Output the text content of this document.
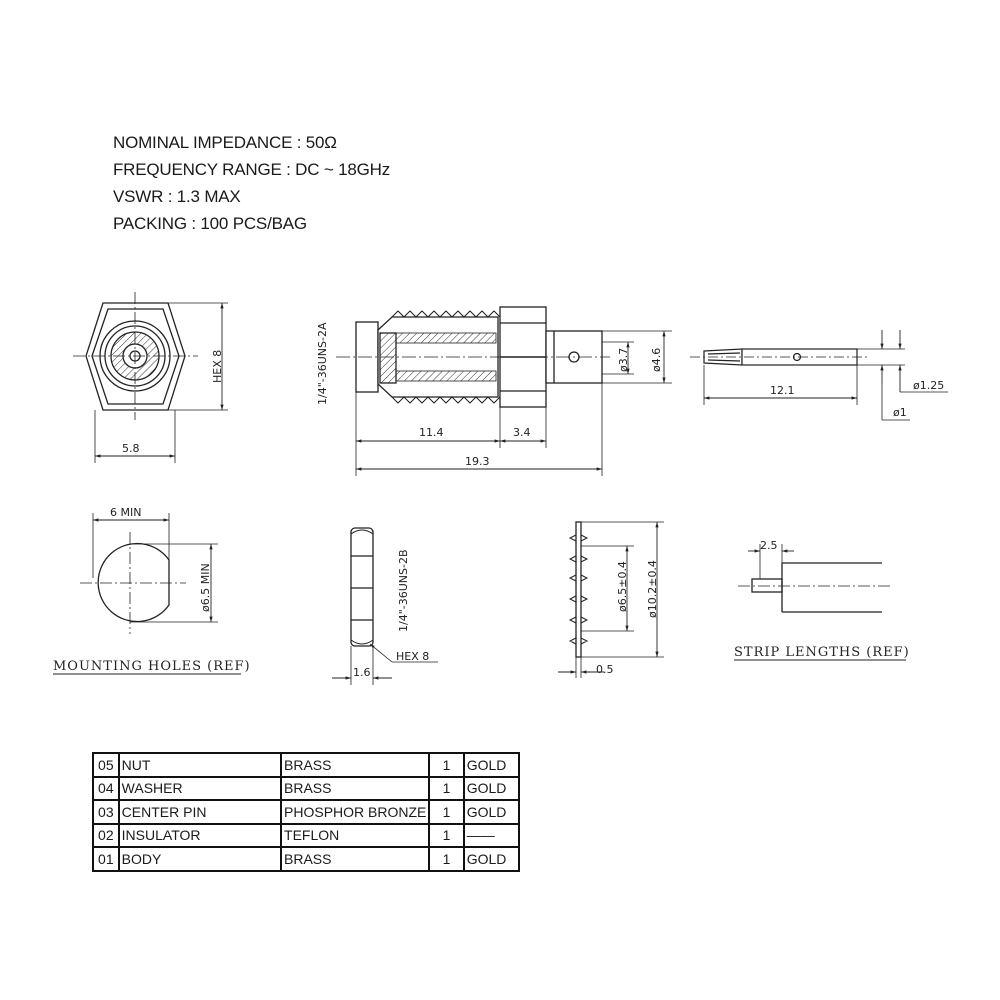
NOMINAL IMPEDANCE : 50Ω
FREQUENCY RANGE : DC ~ 18GHz
VSWR : 1.3 MAX
PACKING : 100 PCS/BAG
HEX 8
5.8
1/4"-36UNS-2A
11.4	3.4
19.3
ø3.7 ø4.6
12.1	ø1.25
ø1
6 MIN
ø6.5 MIN
MOUNTING HOLES (REF)
1/4"-36UNS-2B
HEX 8
1.6
ø6.5±0.4 ø10.2±0.4
0.5
2.5
STRIP LENGTHS (REF)
05	NUT	BRASS	1	GOLD
04	WASHER	BRASS	1	GOLD
03	CENTER PIN	PHOSPHOR BRONZE	1	GOLD
02	INSULATOR	TEFLON	1	——
01	BODY	BRASS	1	GOLD
